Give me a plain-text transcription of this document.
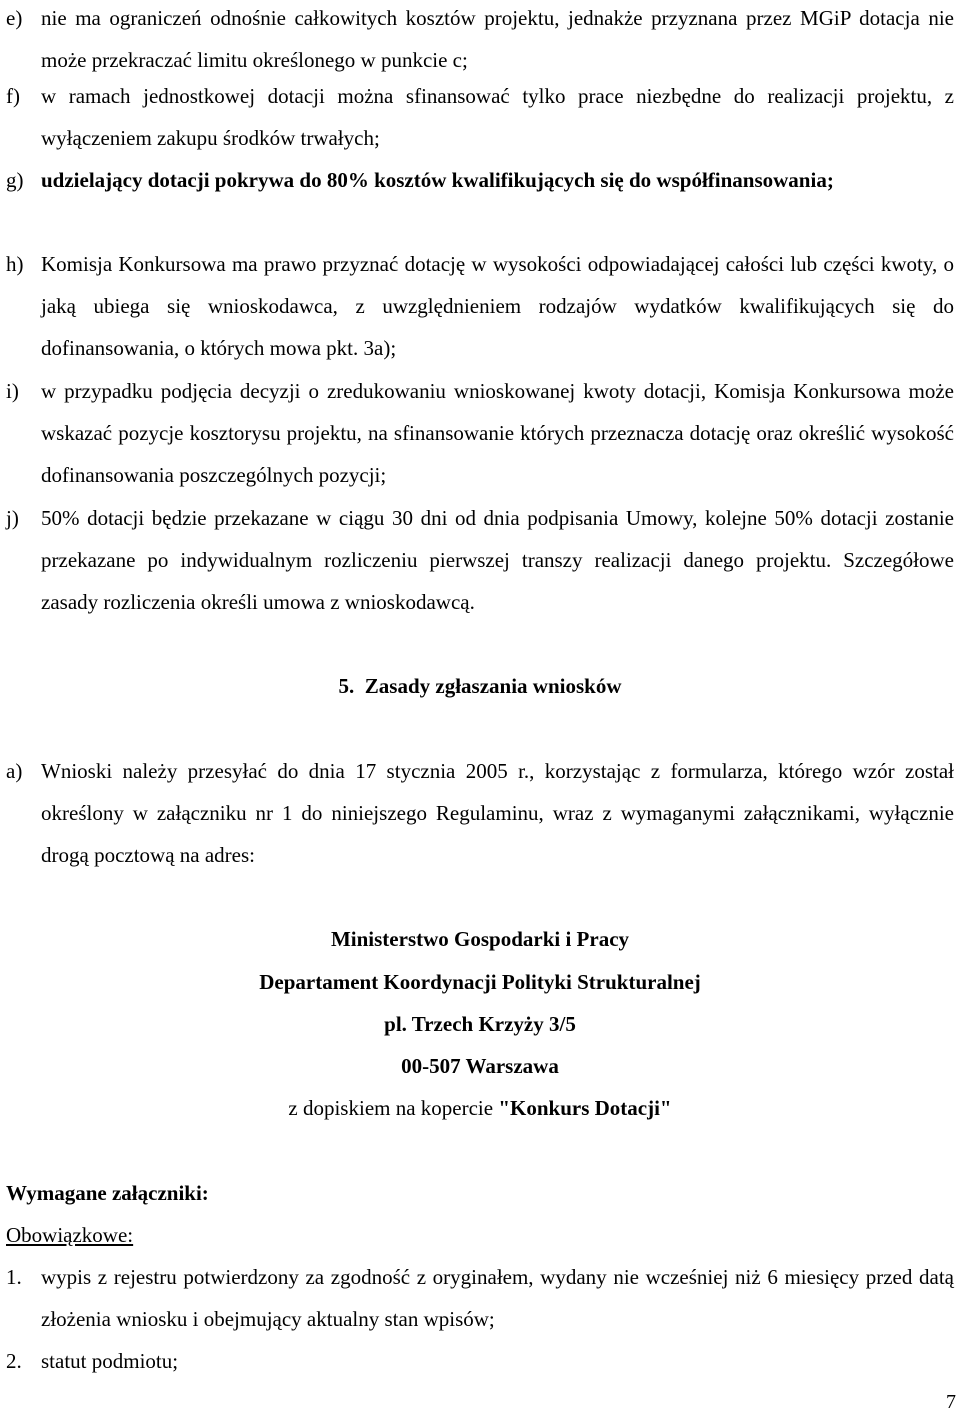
e) nie ma ograniczeń odnośnie całkowitych kosztów projektu, jednakże przyznana przez MGiP dotacja nie może przekraczać limitu określonego w punkcie c;
f) w ramach jednostkowej dotacji można sfinansować tylko prace niezbędne do realizacji projektu, z wyłączeniem zakupu środków trwałych;
g) udzielający dotacji pokrywa do 80% kosztów kwalifikujących się do współfinansowania;
h) Komisja Konkursowa ma prawo przyznać dotację w wysokości odpowiadającej całości lub części kwoty, o jaką ubiega się wnioskodawca, z uwzględnieniem rodzajów wydatków kwalifikujących się do dofinansowania, o których mowa pkt. 3a);
i) w przypadku podjęcia decyzji o zredukowaniu wnioskowanej kwoty dotacji, Komisja Konkursowa może wskazać pozycje kosztorysu projektu, na sfinansowanie których przeznacza dotację oraz określić wysokość dofinansowania poszczególnych pozycji;
j) 50% dotacji będzie przekazane w ciągu 30 dni od dnia podpisania Umowy, kolejne 50% dotacji zostanie przekazane po indywidualnym rozliczeniu pierwszej transzy realizacji danego projektu. Szczegółowe zasady rozliczenia określi umowa z wnioskodawcą.
5.  Zasady zgłaszania wniosków
a) Wnioski należy przesyłać do dnia 17 stycznia 2005 r., korzystając z formularza, którego wzór został określony w załączniku nr 1 do niniejszego Regulaminu, wraz z wymaganymi załącznikami, wyłącznie drogą pocztową na adres:
Ministerstwo Gospodarki i Pracy
Departament Koordynacji Polityki Strukturalnej
pl. Trzech Krzyży 3/5
00-507 Warszawa
z dopiskiem na kopercie "Konkurs Dotacji"
Wymagane załączniki:
Obowiązkowe:
1. wypis z rejestru potwierdzony za zgodność z oryginałem, wydany nie wcześniej niż 6 miesięcy przed datą złożenia wniosku i obejmujący aktualny stan wpisów;
2. statut podmiotu;
7
